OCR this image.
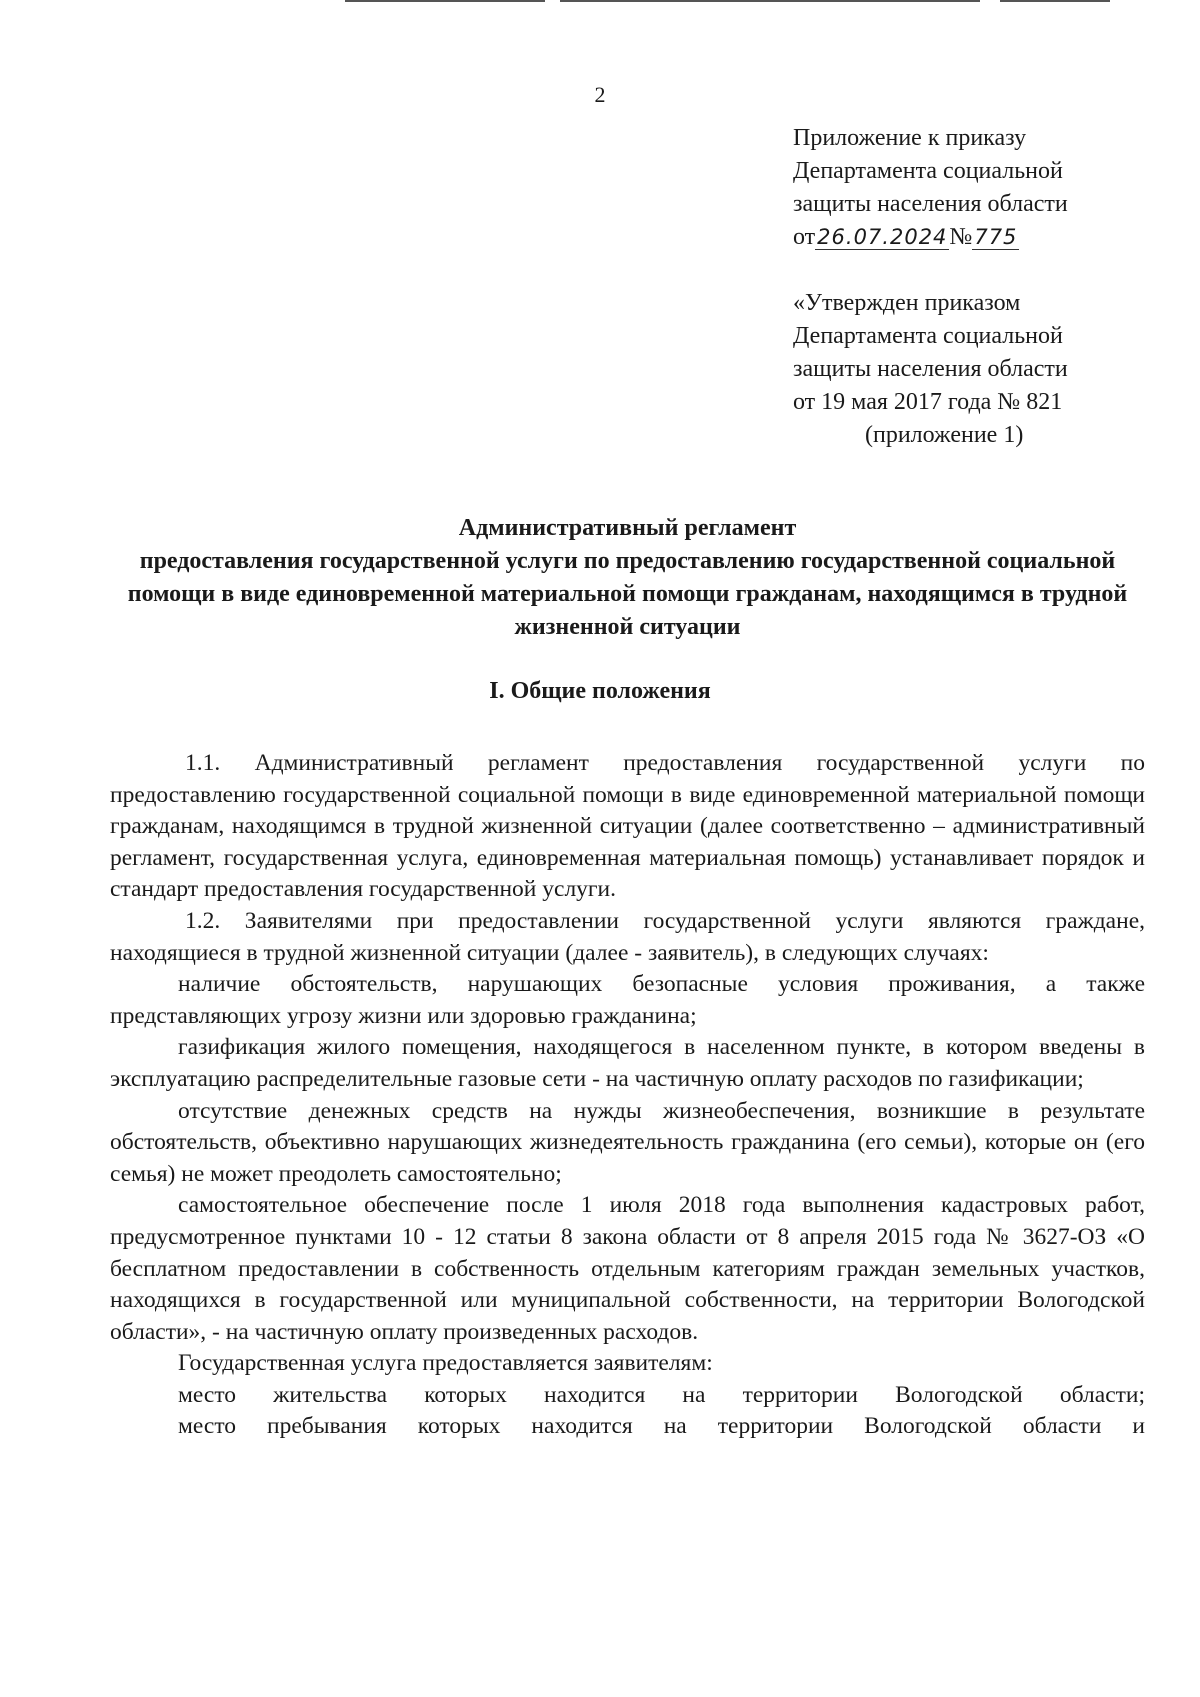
2
Приложение к приказу
Департамента социальной
защиты населения области
от26.07.2024№775
«Утвержден приказом
Департамента социальной
защиты населения области
от 19 мая 2017 года № 821
(приложение 1)
Административный регламент
предоставления государственной услуги по предоставлению государственной социальной помощи в виде единовременной материальной помощи гражданам, находящимся в трудной жизненной ситуации
I. Общие положения

1.1. Административный регламент предоставления государственной услуги по предоставлению государственной социальной помощи в виде единовременной материальной помощи гражданам, находящимся в трудной жизненной ситуации (далее соответственно – административный регламент, государственная услуга, единовременная материальная помощь) устанавливает порядок и стандарт предоставления государственной услуги.

1.2. Заявителями при предоставлении государственной услуги являются граждане, находящиеся в трудной жизненной ситуации (далее - заявитель), в следующих случаях:

наличие обстоятельств, нарушающих безопасные условия проживания, а также представляющих угрозу жизни или здоровью гражданина;

газификация жилого помещения, находящегося в населенном пункте, в котором введены в эксплуатацию распределительные газовые сети - на частичную оплату расходов по газификации;

отсутствие денежных средств на нужды жизнеобеспечения, возникшие в результате обстоятельств, объективно нарушающих жизнедеятельность гражданина (его семьи), которые он (его семья) не может преодолеть самостоятельно;

самостоятельное обеспечение после 1 июля 2018 года выполнения кадастровых работ, предусмотренное пунктами 10 - 12 статьи 8 закона области от 8 апреля 2015 года № 3627-ОЗ «О бесплатном предоставлении в собственность отдельным категориям граждан земельных участков, находящихся в государственной или муниципальной собственности, на территории Вологодской области», - на частичную оплату произведенных расходов.

Государственная услуга предоставляется заявителям:

место жительства которых находится на территории Вологодской области;

место пребывания которых находится на территории Вологодской области и
